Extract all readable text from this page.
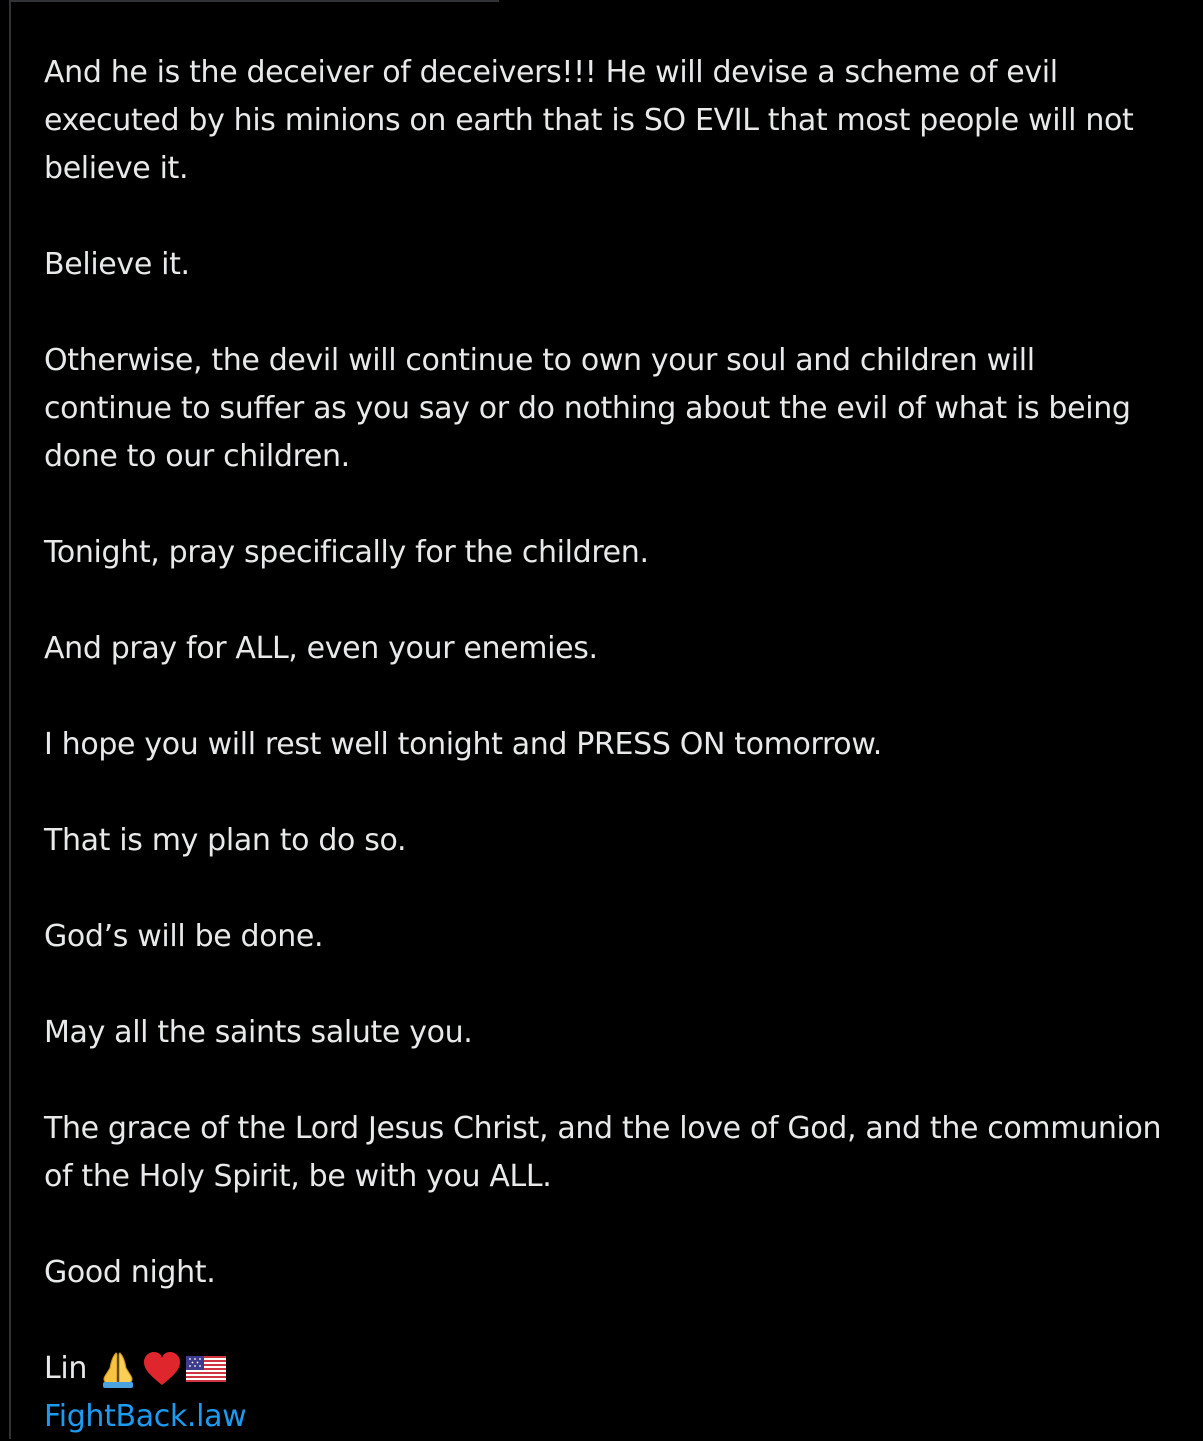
And he is the deceiver of deceivers!!! He will devise a scheme of evil executed by his minions on earth that is SO EVIL that most people will not believe it.

Believe it.

Otherwise, the devil will continue to own your soul and children will continue to suffer as you say or do nothing about the evil of what is being done to our children.

Tonight, pray specifically for the children.

And pray for ALL, even your enemies.

I hope you will rest well tonight and PRESS ON tomorrow.

That is my plan to do so.

God’s will be done.

May all the saints salute you.

The grace of the Lord Jesus Christ, and the love of God, and the communion of the Holy Spirit, be with you ALL.

Good night.

Lin
FightBack.law
